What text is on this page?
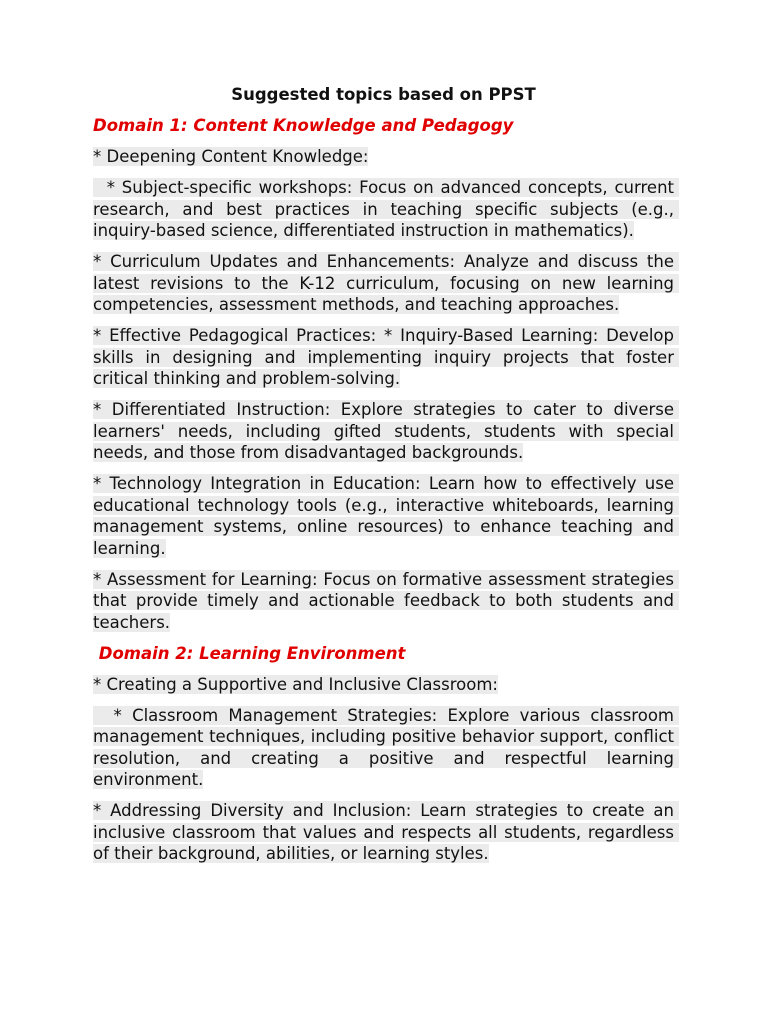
Suggested topics based on PPST
Domain 1: Content Knowledge and Pedagogy
* Deepening Content Knowledge:
* Subject-specific workshops: Focus on advanced concepts, current research, and best practices in teaching specific subjects (e.g., inquiry-based science, differentiated instruction in mathematics).
* Curriculum Updates and Enhancements: Analyze and discuss the latest revisions to the K-12 curriculum, focusing on new learning competencies, assessment methods, and teaching approaches.
* Effective Pedagogical Practices: * Inquiry-Based Learning: Develop skills in designing and implementing inquiry projects that foster critical thinking and problem-solving.
* Differentiated Instruction: Explore strategies to cater to diverse learners' needs, including gifted students, students with special needs, and those from disadvantaged backgrounds.
* Technology Integration in Education: Learn how to effectively use educational technology tools (e.g., interactive whiteboards, learning management systems, online resources) to enhance teaching and learning.
* Assessment for Learning: Focus on formative assessment strategies that provide timely and actionable feedback to both students and teachers.
Domain 2: Learning Environment
* Creating a Supportive and Inclusive Classroom:
* Classroom Management Strategies: Explore various classroom management techniques, including positive behavior support, conflict resolution, and creating a positive and respectful learning environment.
* Addressing Diversity and Inclusion: Learn strategies to create an inclusive classroom that values and respects all students, regardless of their background, abilities, or learning styles.
